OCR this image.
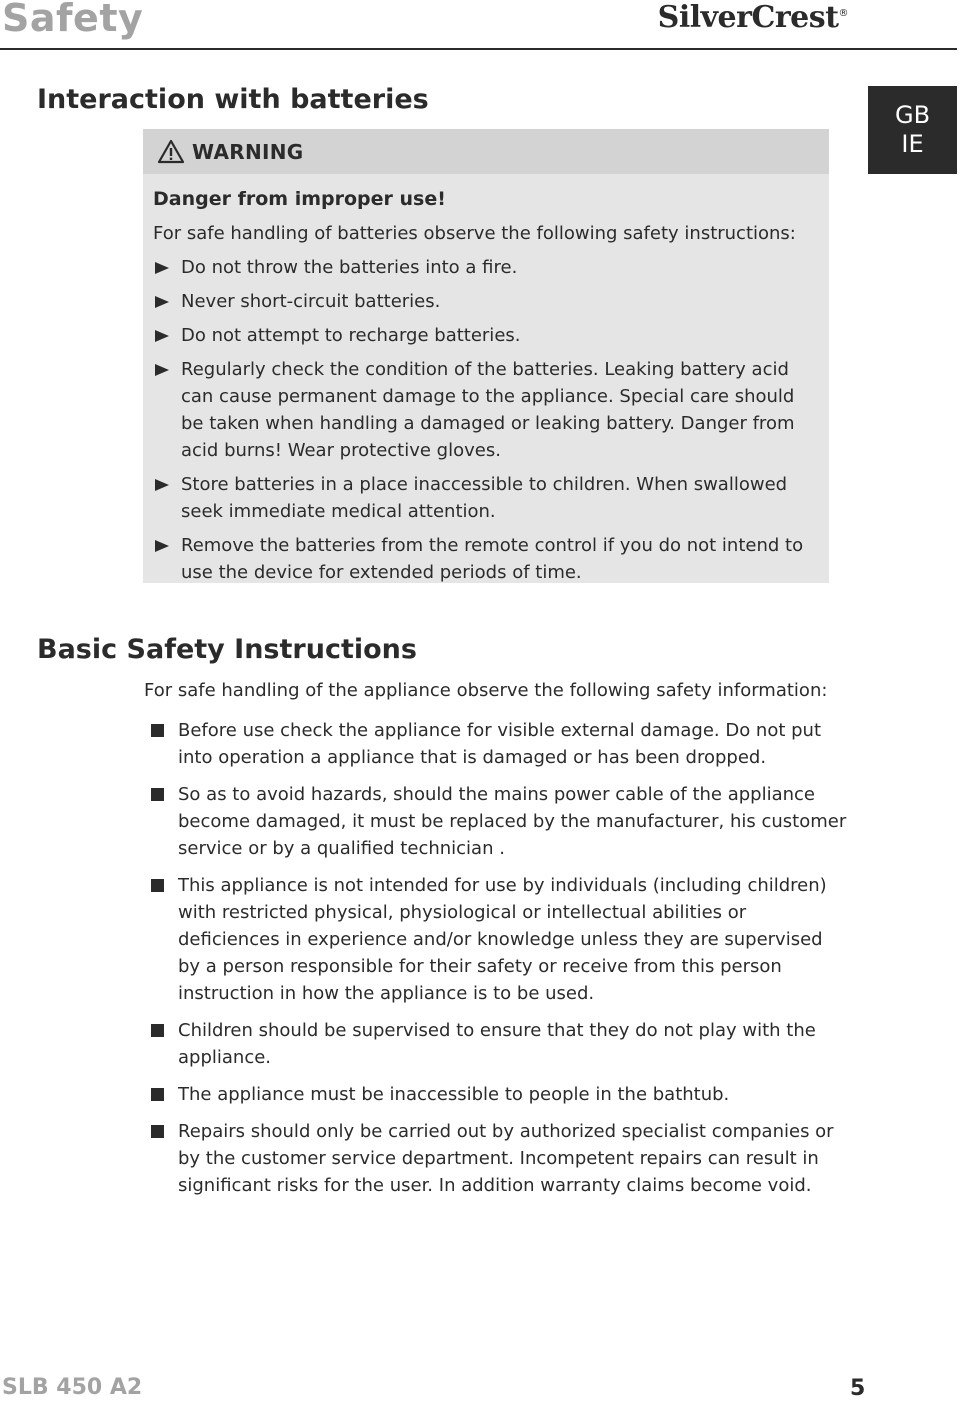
Safety	SilverCrest®
GB
IE
Interaction with batteries
WARNING

Danger from improper use!

For safe handling of batteries observe the following safety instructions:

Do not throw the batteries into a fire.
Never short-circuit batteries.
Do not attempt to recharge batteries.
Regularly check the condition of the batteries. Leaking battery acid can cause permanent damage to the appliance. Special care should be taken when handling a damaged or leaking battery. Danger from acid burns! Wear protective gloves.
Store batteries in a place inaccessible to children. When swallowed seek immediate medical attention.
Remove the batteries from the remote control if you do not intend to use the device for extended periods of time.
Basic Safety Instructions

For safe handling of the appliance observe the following safety information:

Before use check the appliance for visible external damage. Do not put into operation a appliance that is damaged or has been dropped.
So as to avoid hazards, should the mains power cable of the appliance become damaged, it must be replaced by the manufacturer, his customer service or by a qualified technician .
This appliance is not intended for use by individuals (including children) with restricted physical, physiological or intellectual abilities or deficiences in experience and/or knowledge unless they are supervised by a person responsible for their safety or receive from this person instruction in how the appliance is to be used.
Children should be supervised to ensure that they do not play with the appliance.
The appliance must be inaccessible to people in the bathtub.
Repairs should only be carried out by authorized specialist companies or by the customer service department. Incompetent repairs can result in significant risks for the user. In addition warranty claims become void.
SLB 450 A2	5
